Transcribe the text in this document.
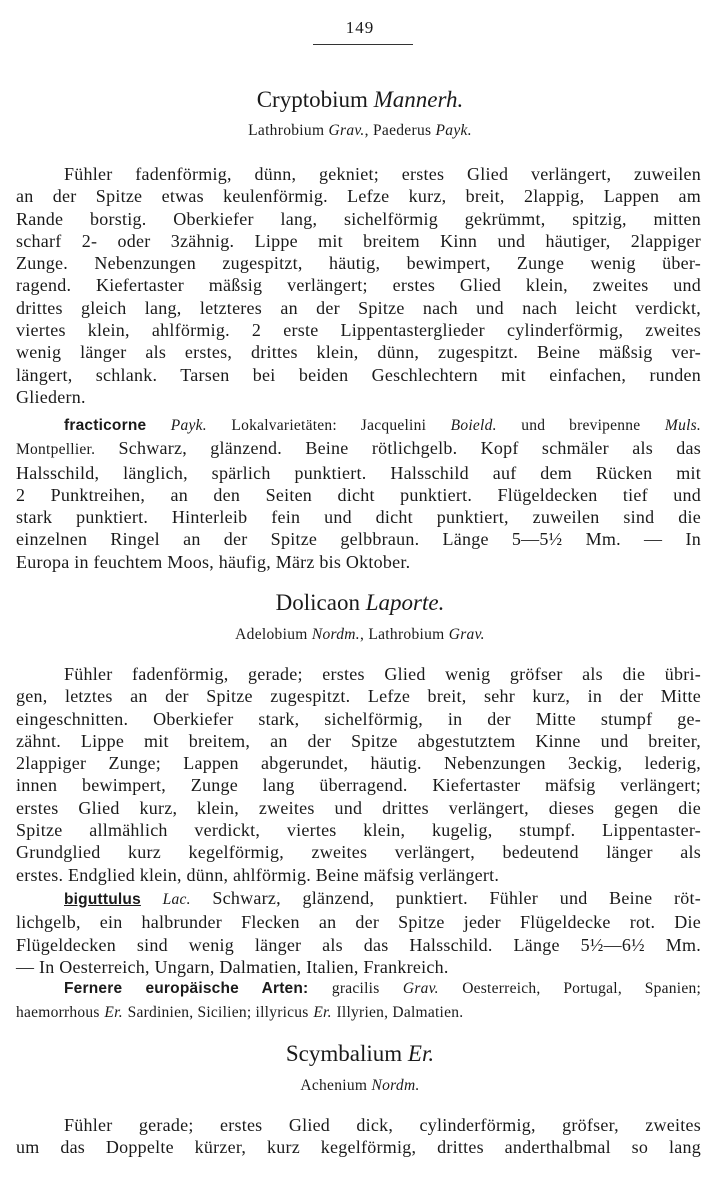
149
Cryptobium Mannerh.
Lathrobium Grav., Paederus Payk.
Fühler fadenförmig, dünn, gekniet; erstes Glied verlängert, zuweilen
an der Spitze etwas keulenförmig. Lefze kurz, breit, 2lappig, Lappen am
Rande borstig. Oberkiefer lang, sichelförmig gekrümmt, spitzig, mitten
scharf 2- oder 3zähnig. Lippe mit breitem Kinn und häutiger, 2lappiger
Zunge. Nebenzungen zugespitzt, häutig, bewimpert, Zunge wenig über-
ragend. Kiefertaster mäßsig verlängert; erstes Glied klein, zweites und
drittes gleich lang, letzteres an der Spitze nach und nach leicht verdickt,
viertes klein, ahlförmig. 2 erste Lippentasterglieder cylinderförmig, zweites
wenig länger als erstes, drittes klein, dünn, zugespitzt. Beine mäßsig ver-
längert, schlank. Tarsen bei beiden Geschlechtern mit einfachen, runden
Gliedern.
fracticorne Payk. Lokalvarietäten: Jacquelini Boield. und brevipenne Muls.
Montpellier. Schwarz, glänzend. Beine rötlichgelb. Kopf schmäler als das
Halsschild, länglich, spärlich punktiert. Halsschild auf dem Rücken mit
2 Punktreihen, an den Seiten dicht punktiert. Flügeldecken tief und
stark punktiert. Hinterleib fein und dicht punktiert, zuweilen sind die
einzelnen Ringel an der Spitze gelbbraun. Länge 5—5½ Mm. — In
Europa in feuchtem Moos, häufig, März bis Oktober.
Dolicaon Laporte.
Adelobium Nordm., Lathrobium Grav.
Fühler fadenförmig, gerade; erstes Glied wenig gröfser als die übri-
gen, letztes an der Spitze zugespitzt. Lefze breit, sehr kurz, in der Mitte
eingeschnitten. Oberkiefer stark, sichelförmig, in der Mitte stumpf ge-
zähnt. Lippe mit breitem, an der Spitze abgestutztem Kinne und breiter,
2lappiger Zunge; Lappen abgerundet, häutig. Nebenzungen 3eckig, lederig,
innen bewimpert, Zunge lang überragend. Kiefertaster mäfsig verlängert;
erstes Glied kurz, klein, zweites und drittes verlängert, dieses gegen die
Spitze allmählich verdickt, viertes klein, kugelig, stumpf. Lippentaster-
Grundglied kurz kegelförmig, zweites verlängert, bedeutend länger als
erstes. Endglied klein, dünn, ahlförmig. Beine mäfsig verlängert.
biguttulus Lac. Schwarz, glänzend, punktiert. Fühler und Beine röt-
lichgelb, ein halbrunder Flecken an der Spitze jeder Flügeldecke rot. Die
Flügeldecken sind wenig länger als das Halsschild. Länge 5½—6½ Mm.
— In Oesterreich, Ungarn, Dalmatien, Italien, Frankreich.
Fernere europäische Arten: gracilis Grav. Oesterreich, Portugal, Spanien;
haemorrhous Er. Sardinien, Sicilien; illyricus Er. Illyrien, Dalmatien.
Scymbalium Er.
Achenium Nordm.
Fühler gerade; erstes Glied dick, cylinderförmig, gröfser, zweites
um das Doppelte kürzer, kurz kegelförmig, drittes anderthalbmal so lang
